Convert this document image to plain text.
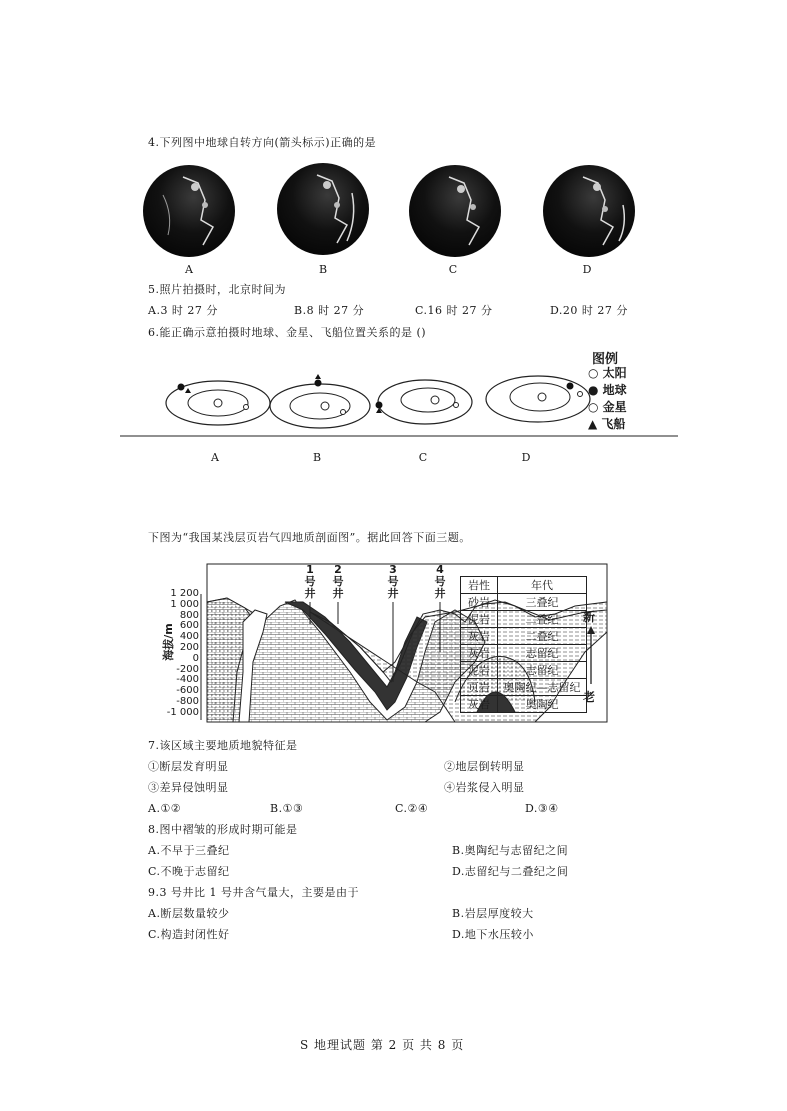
4.下列图中地球自转方向(箭头标示)正确的是
A	B	C	D
5.照片拍摄时，北京时间为
A.3 时 27 分	B.8 时 27 分	C.16 时 27 分	D.20 时 27 分
6.能正确示意拍摄时地球、金星、飞船位置关系的是 ()
图例
○ 太阳
● 地球
○ 金星
▲ 飞船
A	B	C	D
下图为“我国某浅层页岩气四地质剖面图”。据此回答下面三题。
1 200
1 000
800
600
400
200
0
-200
-400
-600
-800
-1 000
海拔/m
1
号
井
2
号
井
3
号
井
4
号
井
岩性	年代
砂岩	三叠纪
泥岩	二叠纪
灰岩	二叠纪
灰岩	志留纪
泥岩	志留纪
页岩	奥陶纪—志留纪
灰岩	奥陶纪
新
老
7.该区域主要地质地貌特征是
①断层发育明显	②地层倒转明显
③差异侵蚀明显	④岩浆侵入明显
A.①②	B.①③	C.②④	D.③④
8.图中褶皱的形成时期可能是
A.不早于三叠纪	B.奥陶纪与志留纪之间
C.不晚于志留纪	D.志留纪与二叠纪之间
9.3 号井比 1 号井含气量大，主要是由于
A.断层数量较少	B.岩层厚度较大
C.构造封闭性好	D.地下水压较小
S 地理试题 第 2 页 共 8 页
